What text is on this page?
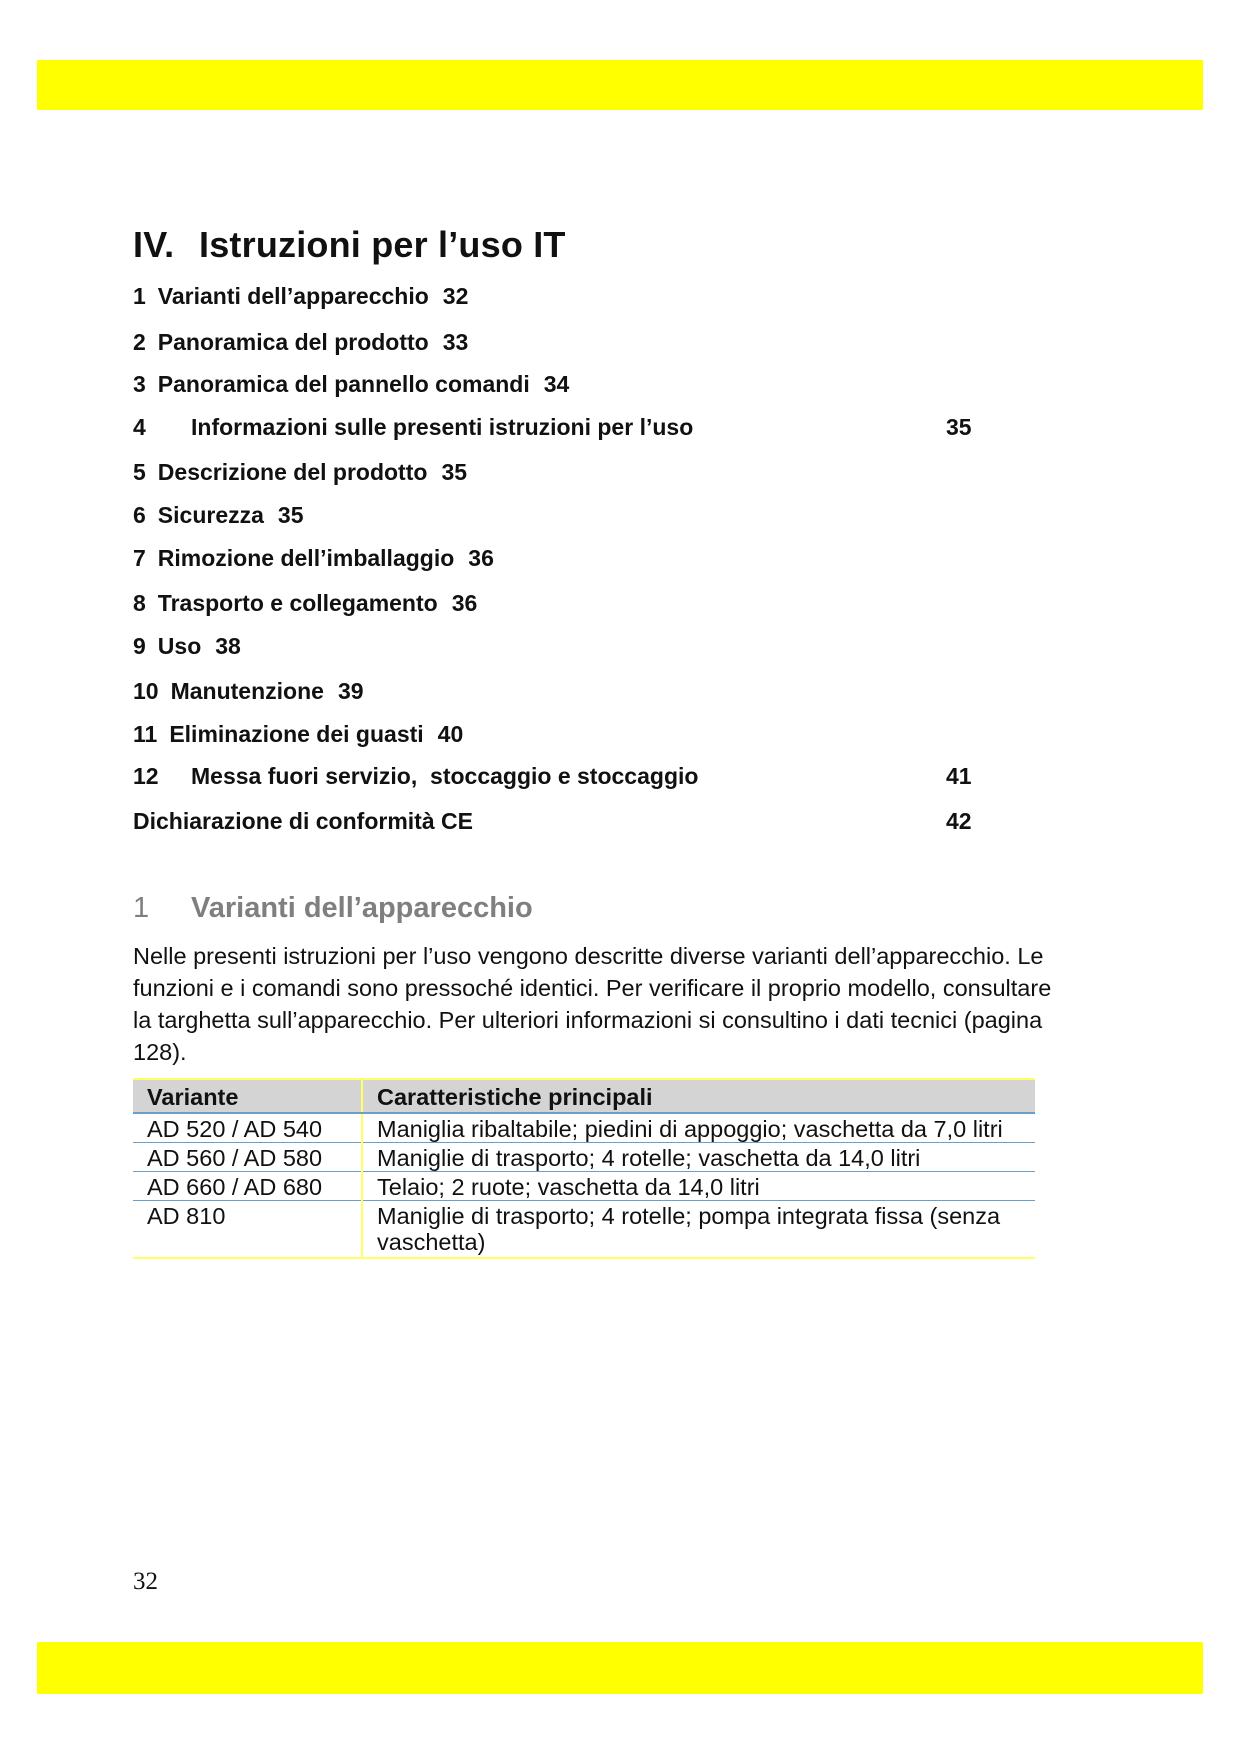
IV. Istruzioni per l’uso IT
1 Varianti dell’apparecchio 32
2 Panoramica del prodotto 33
3 Panoramica del pannello comandi 34
4 Informazioni sulle presenti istruzioni per l’uso	35
5 Descrizione del prodotto 35
6 Sicurezza 35
7 Rimozione dell’imballaggio 36
8 Trasporto e collegamento 36
9 Uso 38
10 Manutenzione 39
11 Eliminazione dei guasti 40
12 Messa fuori servizio,  stoccaggio e stoccaggio	41
Dichiarazione di conformità CE	42
1 Varianti dell’apparecchio

Nelle presenti istruzioni per l’uso vengono descritte diverse varianti dell’apparecchio. Le funzioni e i comandi sono pressoché identici. Per verificare il proprio modello, consultare la targhetta sull’apparecchio. Per ulteriori informazioni si consultino i dati tecnici (pagina 128).

Variante	Caratteristiche principali
AD 520 / AD 540	Maniglia ribaltabile; piedini di appoggio; vaschetta da 7,0 litri
AD 560 / AD 580	Maniglie di trasporto; 4 rotelle; vaschetta da 14,0 litri
AD 660 / AD 680	Telaio; 2 ruote; vaschetta da 14,0 litri
AD 810	Maniglie di trasporto; 4 rotelle; pompa integrata fissa (senza vaschetta)
32
